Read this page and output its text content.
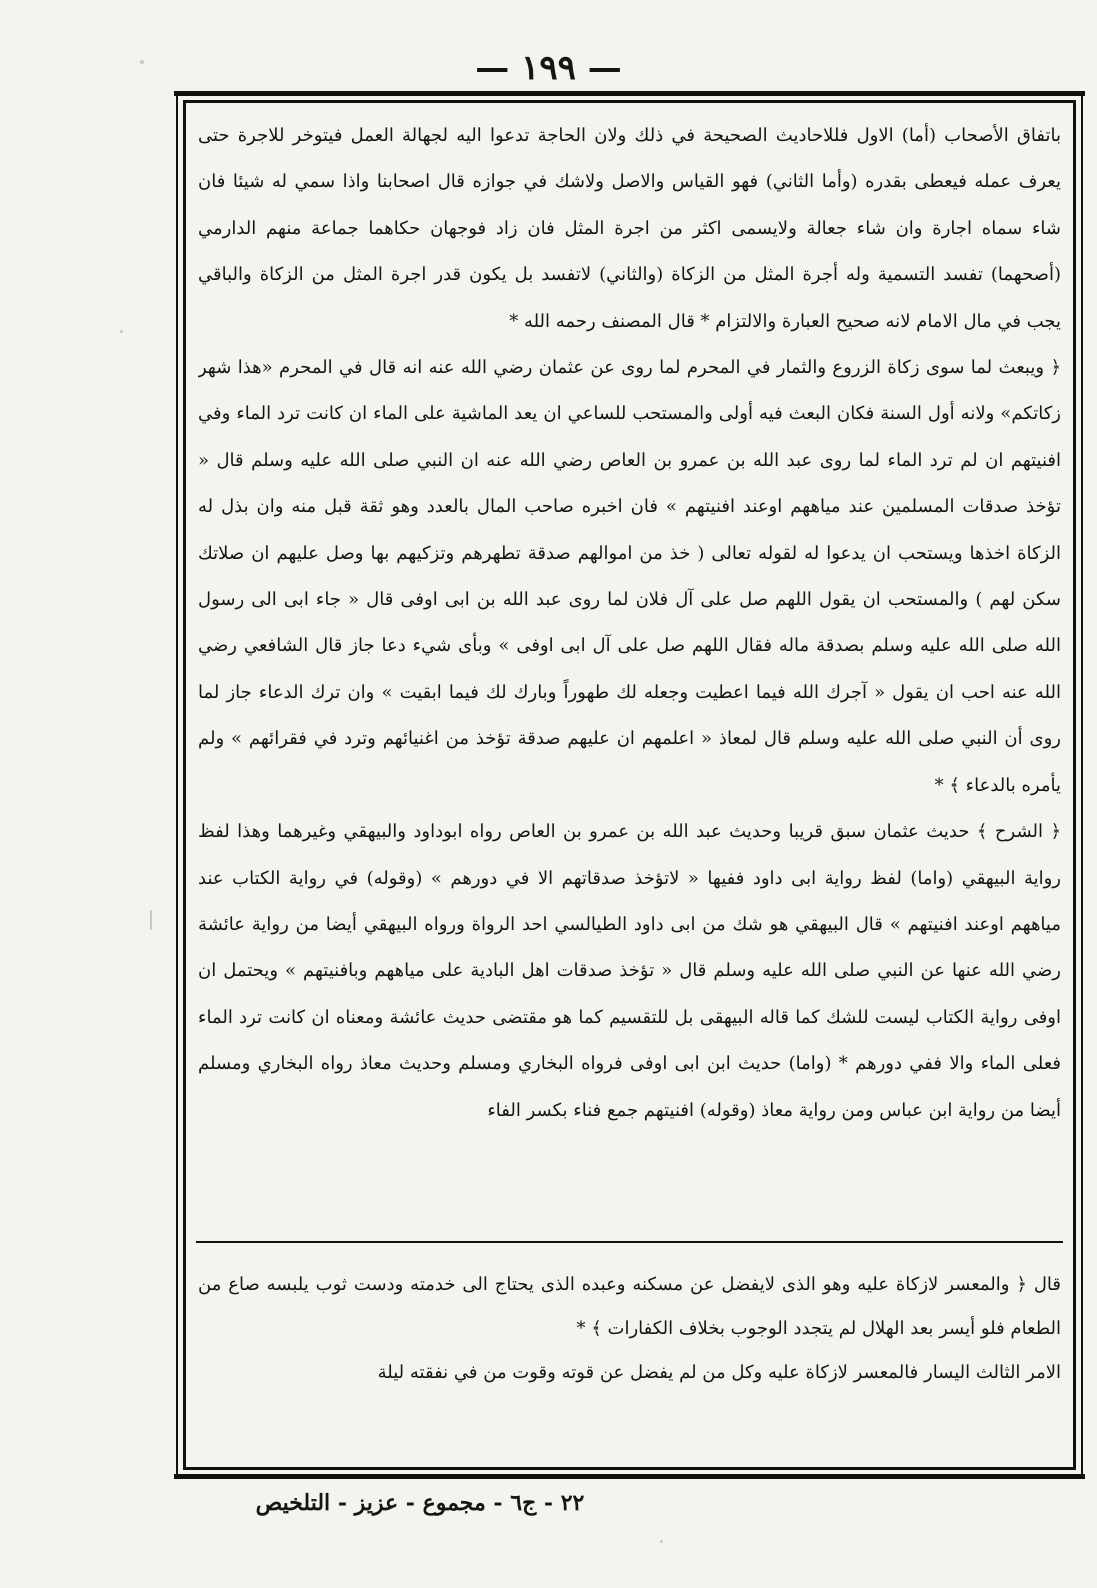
— ١٩٩ —

باتفاق الأصحاب (أما) الاول فللاحاديث الصحيحة في ذلك ولان الحاجة تدعوا اليه لجهالة العمل فيتوخر للاجرة حتى يعرف عمله فيعطى بقدره (وأما الثاني) فهو القياس والاصل ولاشك في جوازه قال اصحابنا واذا سمي له شيئا فان شاء سماه اجارة وان شاء جعالة ولايسمى اكثر من اجرة المثل فان زاد فوجهان حكاهما جماعة منهم الدارمي (أصحهما) تفسد التسمية وله أجرة المثل من الزكاة (والثاني) لاتفسد بل يكون قدر اجرة المثل من الزكاة والباقي يجب في مال الامام لانه صحيح العبارة والالتزام * قال المصنف رحمه الله *

﴿ ويبعث لما سوى زكاة الزروع والثمار في المحرم لما روى عن عثمان رضي الله عنه انه قال في المحرم «هذا شهر زكاتكم» ولانه أول السنة فكان البعث فيه أولى والمستحب للساعي ان يعد الماشية على الماء ان كانت ترد الماء وفي افنيتهم ان لم ترد الماء لما روى عبد الله بن عمرو بن العاص رضي الله عنه ان النبي صلى الله عليه وسلم قال « تؤخذ صدقات المسلمين عند مياههم اوعند افنيتهم » فان اخبره صاحب المال بالعدد وهو ثقة قبل منه وان بذل له الزكاة اخذها ويستحب ان يدعوا له لقوله تعالى ( خذ من اموالهم صدقة تطهرهم وتزكيهم بها وصل عليهم ان صلاتك سكن لهم ) والمستحب ان يقول اللهم صل على آل فلان لما روى عبد الله بن ابى اوفى قال « جاء ابى الى رسول الله صلى الله عليه وسلم بصدقة ماله فقال اللهم صل على آل ابى اوفى » وبأى شيء دعا جاز قال الشافعي رضي الله عنه احب ان يقول « آجرك الله فيما اعطيت وجعله لك طهوراً وبارك لك فيما ابقيت » وان ترك الدعاء جاز لما روى أن النبي صلى الله عليه وسلم قال لمعاذ « اعلمهم ان عليهم صدقة تؤخذ من اغنيائهم وترد في فقرائهم » ولم يأمره بالدعاء ﴾ *

﴿ الشرح ﴾ حديث عثمان سبق قريبا وحديث عبد الله بن عمرو بن العاص رواه ابوداود والبيهقي وغيرهما وهذا لفظ رواية البيهقي (واما) لفظ رواية ابى داود ففيها « لاتؤخذ صدقاتهم الا في دورهم » (وقوله) في رواية الكتاب عند مياههم اوعند افنيتهم » قال البيهقي هو شك من ابى داود الطيالسي احد الرواة ورواه البيهقي أيضا من رواية عائشة رضي الله عنها عن النبي صلى الله عليه وسلم قال « تؤخذ صدقات اهل البادية على مياههم وبافنيتهم » ويحتمل ان اوفى رواية الكتاب ليست للشك كما قاله البيهقى بل للتقسيم كما هو مقتضى حديث عائشة ومعناه ان كانت ترد الماء فعلى الماء والا ففي دورهم * (واما) حديث ابن ابى اوفى فرواه البخاري ومسلم وحديث معاذ رواه البخاري ومسلم أيضا من رواية ابن عباس ومن رواية معاذ (وقوله) افنيتهم جمع فناء بكسر الفاء

قال ﴿ والمعسر لازكاة عليه وهو الذى لايفضل عن مسكنه وعبده الذى يحتاج الى خدمته ودست ثوب يلبسه صاع من الطعام فلو أيسر بعد الهلال لم يتجدد الوجوب بخلاف الكفارات ﴾ *

الامر الثالث اليسار فالمعسر لازكاة عليه وكل من لم يفضل عن قوته وقوت من في نفقته ليلة

٢٢ - ج٦ - مجموع - عزيز - التلخيص
